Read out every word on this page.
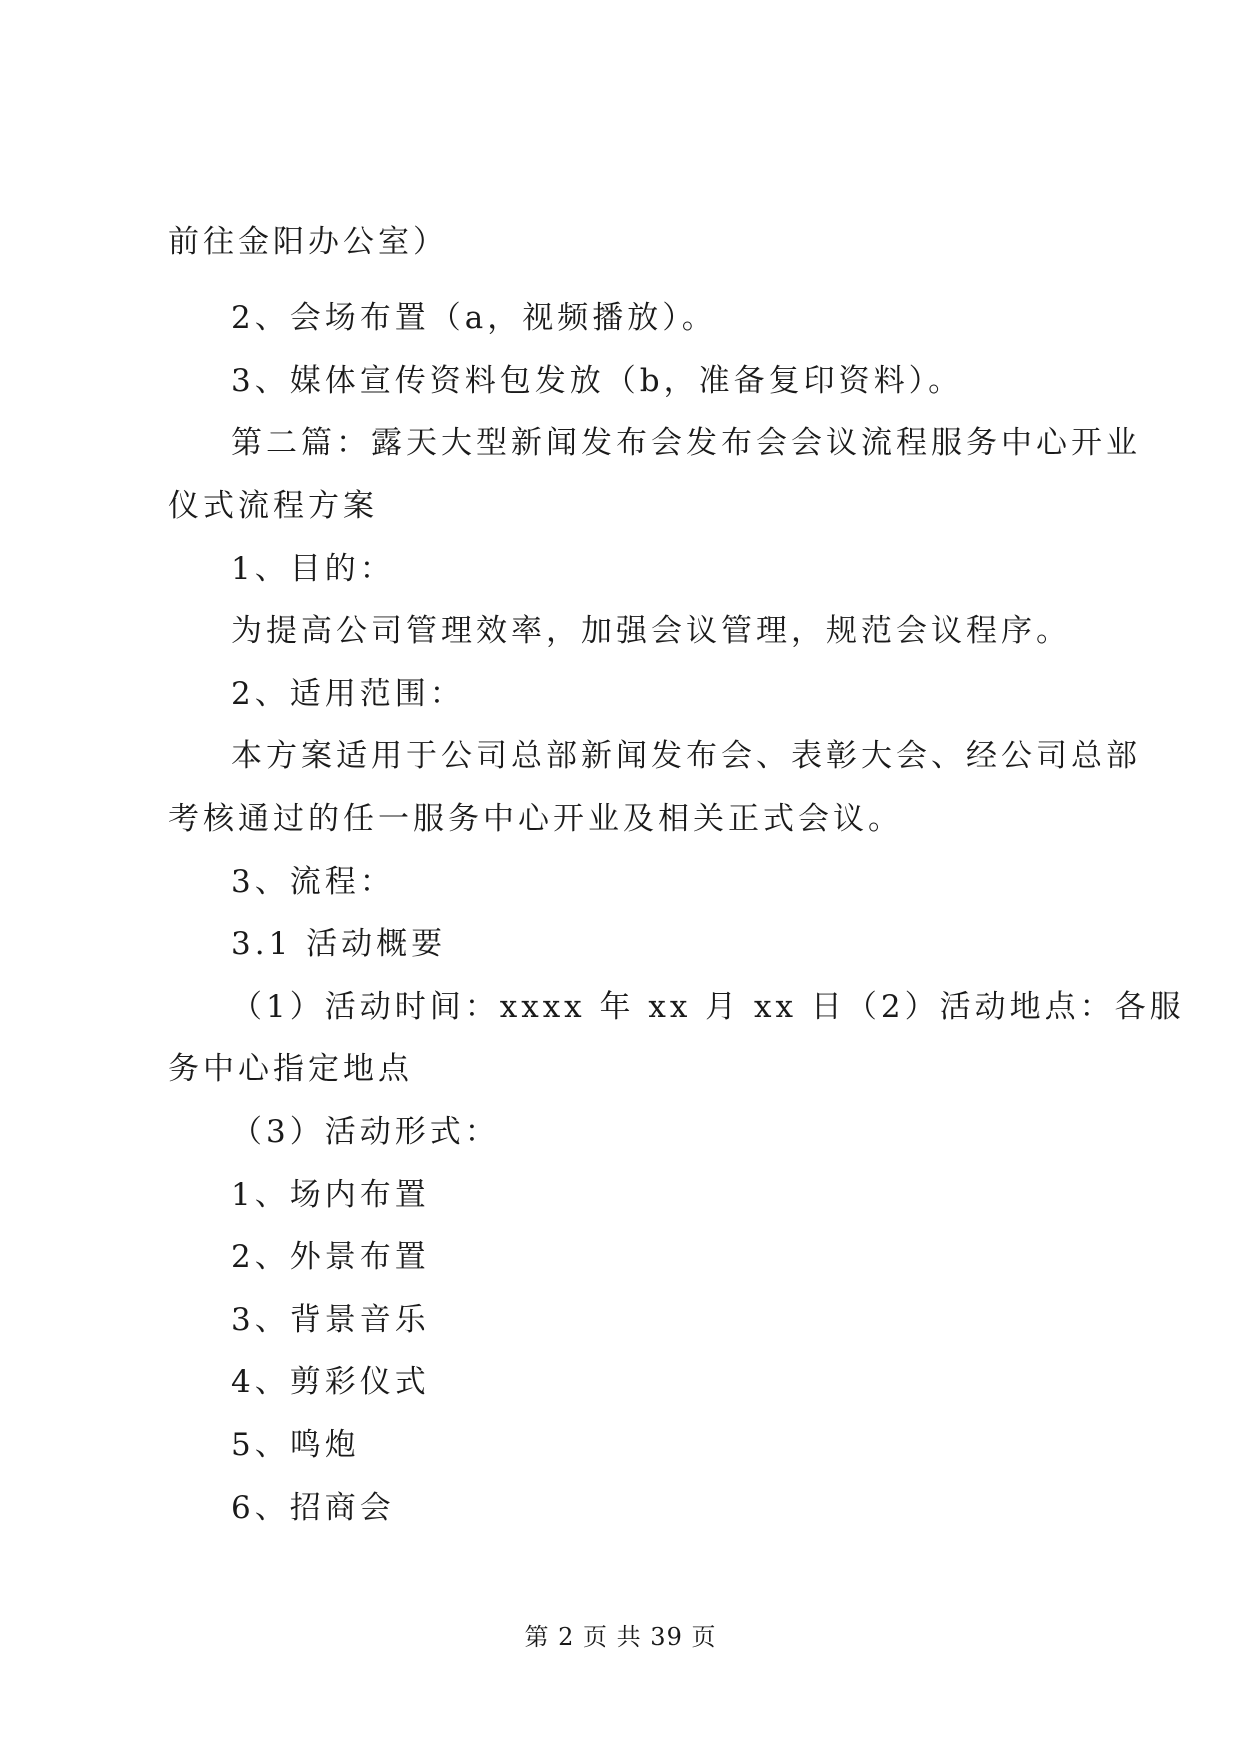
前往金阳办公室）
2、会场布置（a，视频播放）。
3、媒体宣传资料包发放（b，准备复印资料）。
第二篇：露天大型新闻发布会发布会会议流程服务中心开业
仪式流程方案
1、目的：
为提高公司管理效率，加强会议管理，规范会议程序。
2、适用范围：
本方案适用于公司总部新闻发布会、表彰大会、经公司总部
考核通过的任一服务中心开业及相关正式会议。
3、流程：
3.1 活动概要
（1）活动时间：xxxx 年 xx 月 xx 日（2）活动地点：各服
务中心指定地点
（3）活动形式：
1、场内布置
2、外景布置
3、背景音乐
4、剪彩仪式
5、鸣炮
6、招商会
第 2 页 共 39 页
